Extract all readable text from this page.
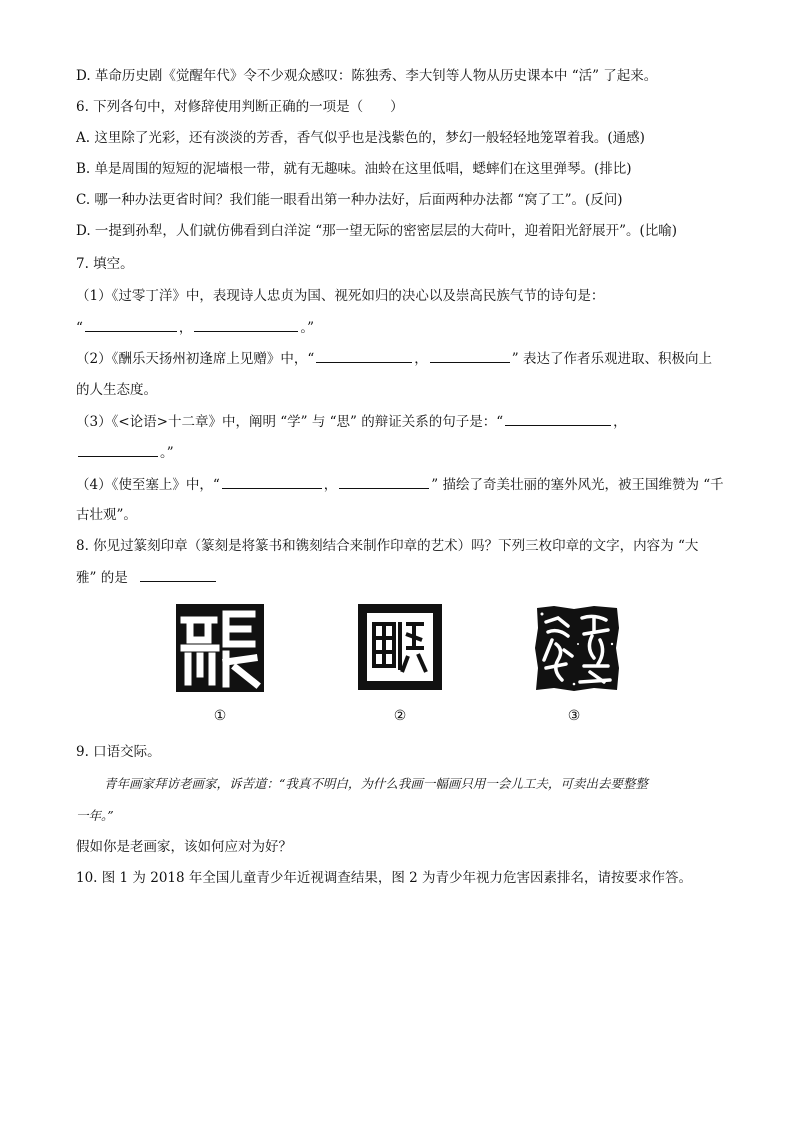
D. 革命历史剧《觉醒年代》令不少观众感叹：陈独秀、李大钊等人物从历史课本中 “活” 了起来。
6. 下列各句中，对修辞使用判断正确的一项是（　　）
A. 这里除了光彩，还有淡淡的芳香，香气似乎也是浅紫色的，梦幻一般轻轻地笼罩着我。(通感)
B. 单是周围的短短的泥墙根一带，就有无趣味。油蛉在这里低唱，蟋蟀们在这里弹琴。(排比)
C. 哪一种办法更省时间？我们能一眼看出第一种办法好，后面两种办法都 “窝了工”。(反问)
D. 一提到孙犁，人们就仿佛看到白洋淀 “那一望无际的密密层层的大荷叶，迎着阳光舒展开”。(比喻)
7. 填空。
（1）《过零丁洋》中，表现诗人忠贞为国、视死如归的决心以及崇高民族气节的诗句是：
“	，	。”
（2）《酬乐天扬州初逢席上见赠》中，“	，	” 表达了作者乐观进取、积极向上
的人生态度。
（3）《<论语>十二章》中，阐明 “学” 与 “思” 的辩证关系的句子是：“	，
。”
（4）《使至塞上》中，“	，	” 描绘了奇美壮丽的塞外风光，被王国维赞为 “千
古壮观”。
8. 你见过篆刻印章（篆刻是将篆书和镌刻结合来制作印章的艺术）吗？下列三枚印章的文字，内容为 “大
雅” 的是
①	②	③
9. 口语交际。
青年画家拜访老画家，诉苦道：“我真不明白，为什么我画一幅画只用一会儿工夫，可卖出去要整整
一年。”
假如你是老画家，该如何应对为好？
10. 图 1 为 2018 年全国儿童青少年近视调查结果，图 2 为青少年视力危害因素排名，请按要求作答。
